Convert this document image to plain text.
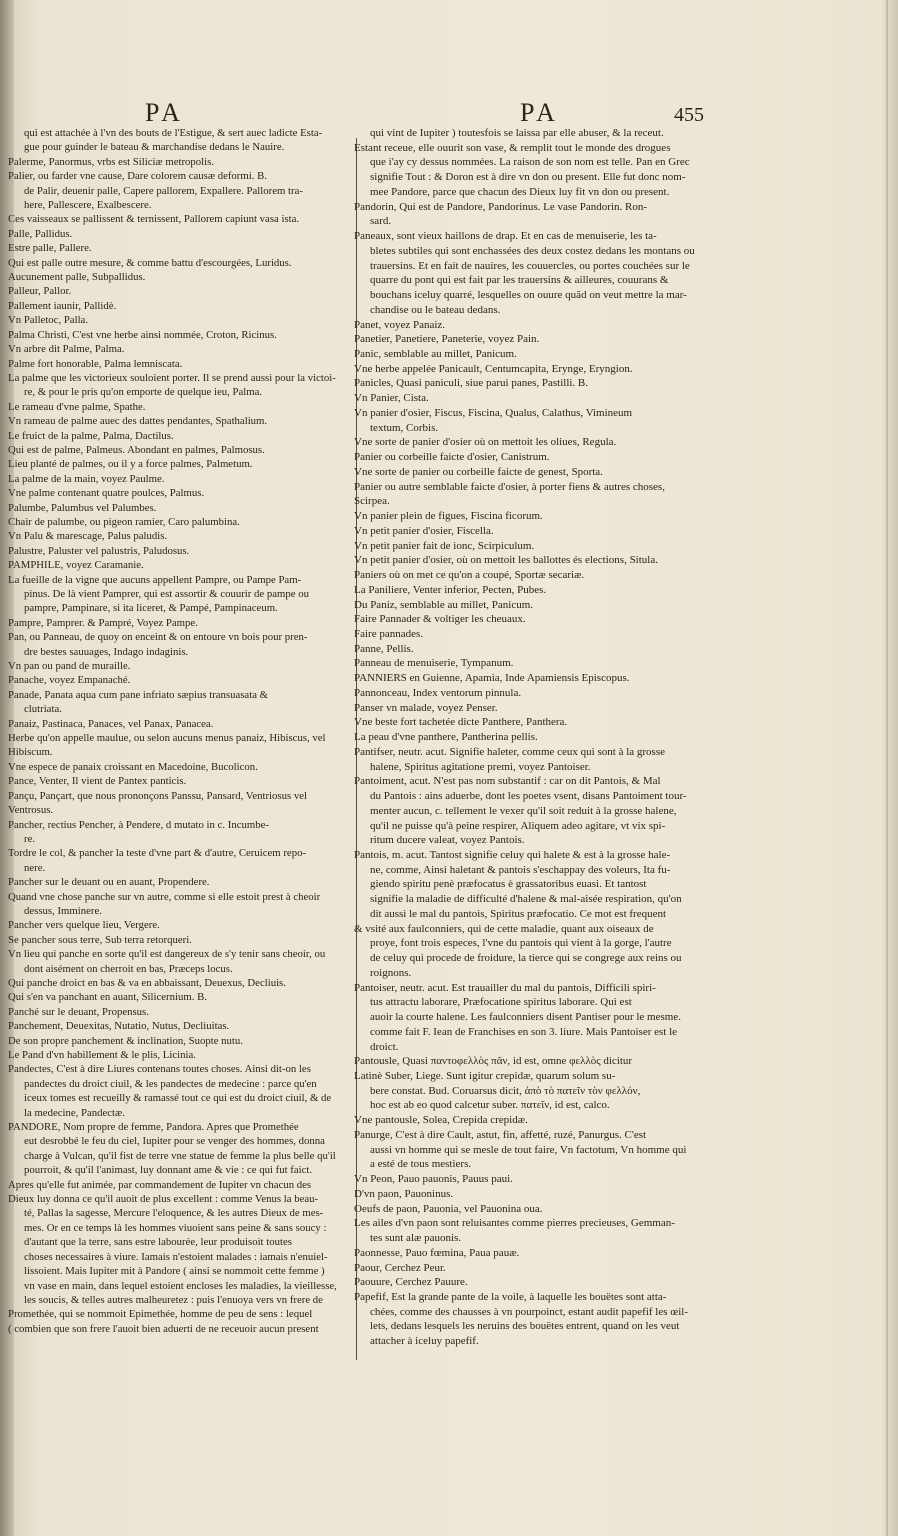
PA	PA	455
qui est attachée à l'vn des bouts de l'Estigue, & sert auec ladicte Esta-
gue pour guinder le bateau & marchandise dedans le Nauire.
Palerme, Panormus, vrbs est Siliciæ metropolis.
Palier, ou farder vne cause, Dare colorem causæ deformi. B.
de Palir, deuenir palle, Capere pallorem, Expallere. Pallorem tra-
here, Pallescere, Exalbescere.
Ces vaisseaux se pallissent & ternissent, Pallorem capiunt vasa ista.
Palle, Pallidus.
Estre palle, Pallere.
Qui est palle outre mesure, & comme battu d'escourgées, Luridus.
Aucunement palle, Subpallidus.
Palleur, Pallor.
Pallement iaunir, Pallidè.
Vn Palletoc, Palla.
Palma Christi, C'est vne herbe ainsi nommée, Croton, Ricinus.
Vn arbre dit Palme, Palma.
Palme fort honorable, Palma lemniscata.
La palme que les victorieux souloient porter. Il se prend aussi pour la victoi-
re, & pour le pris qu'on emporte de quelque ieu, Palma.
Le rameau d'vne palme, Spathe.
Vn rameau de palme auec des dattes pendantes, Spathalium.
Le fruict de la palme, Palma, Dactilus.
Qui est de palme, Palmeus. Abondant en palmes, Palmosus.
Lieu planté de palmes, ou il y a force palmes, Palmetum.
La palme de la main, voyez Paulme.
Vne palme contenant quatre poulces, Palmus.
Palumbe, Palumbus vel Palumbes.
Chair de palumbe, ou pigeon ramier, Caro palumbina.
Vn Palu & marescage, Palus paludis.
Palustre, Paluster vel palustris, Paludosus.
PAMPHILE, voyez Caramanie.
La fueille de la vigne que aucuns appellent Pampre, ou Pampe Pam-
pinus. De là vient Pamprer, qui est assortir & couurir de pampe ou
pampre, Pampinare, si ita liceret, & Pampé, Pampinaceum.
Pampre, Pamprer. & Pampré, Voyez Pampe.
Pan, ou Panneau, de quoy on enceint & on entoure vn bois pour pren-
dre bestes sauuages, Indago indaginis.
Vn pan ou pand de muraille.
Panache, voyez Empanaché.
Panade, Panata aqua cum pane infriato sæpius transuasata &
clutriata.
Panaiz, Pastinaca, Panaces, vel Panax, Panacea.
Herbe qu'on appelle maulue, ou selon aucuns menus panaiz, Hibiscus, vel
Hibiscum.
Vne espece de panaix croissant en Macedoine, Bucolicon.
Pance, Venter, Il vient de Pantex panticis.
Pançu, Pançart, que nous prononçons Panssu, Pansard, Ventriosus vel
Ventrosus.
Pancher, rectius Pencher, à Pendere, d mutato in c. Incumbe-
re.
Tordre le col, & pancher la teste d'vne part & d'autre, Ceruicem repo-
nere.
Pancher sur le deuant ou en auant, Propendere.
Quand vne chose panche sur vn autre, comme si elle estoit prest à cheoir
dessus, Imminere.
Pancher vers quelque lieu, Vergere.
Se pancher sous terre, Sub terra retorqueri.
Vn lieu qui panche en sorte qu'il est dangereux de s'y tenir sans cheoir, ou
dont aisément on cherroit en bas, Præceps locus.
Qui panche droict en bas & va en abbaissant, Deuexus, Decliuis.
Qui s'en va panchant en auant, Silicernium. B.
Panché sur le deuant, Propensus.
Panchement, Deuexitas, Nutatio, Nutus, Decliuitas.
De son propre panchement & inclination, Suopte nutu.
Le Pand d'vn habillement & le plis, Licinia.
Pandectes, C'est à dire Liures contenans toutes choses. Ainsi dit-on les
pandectes du droict ciuil, & les pandectes de medecine : parce qu'en
iceux tomes est recueilly & ramassé tout ce qui est du droict ciuil, & de
la medecine, Pandectæ.
PANDORE, Nom propre de femme, Pandora. Apres que Promethée
eut desrobbé le feu du ciel, Iupiter pour se venger des hommes, donna
charge à Vulcan, qu'il fist de terre vne statue de femme la plus belle qu'il
pourroit, & qu'il l'animast, luy donnant ame & vie : ce qui fut faict.
Apres qu'elle fut animée, par commandement de Iupiter vn chacun des
Dieux luy donna ce qu'il auoit de plus excellent : comme Venus la beau-
té, Pallas la sagesse, Mercure l'eloquence, & les autres Dieux de mes-
mes. Or en ce temps là les hommes viuoient sans peine & sans soucy :
d'autant que la terre, sans estre labourée, leur produisoit toutes
choses necessaires à viure. Iamais n'estoient malades : iamais n'enuiel-
lissoient. Mais Iupiter mit à Pandore ( ainsi se nommoit cette femme )
vn vase en main, dans lequel estoient encloses les maladies, la vieillesse,
les soucis, & telles autres malheuretez : puis l'enuoya vers vn frere de
Promethée, qui se nommoit Epimethée, homme de peu de sens : lequel
( combien que son frere l'auoit bien aduerti de ne receuoir aucun present
qui vint de Iupiter ) toutesfois se laissa par elle abuser, & la receut.
Estant receue, elle ouurit son vase, & remplit tout le monde des drogues
que i'ay cy dessus nommées. La raison de son nom est telle. Pan en Grec
signifie Tout : & Doron est à dire vn don ou present. Elle fut donc nom-
mee Pandore, parce que chacun des Dieux luy fit vn don ou present.
Pandorin, Qui est de Pandore, Pandorinus. Le vase Pandorin. Ron-
sard.
Paneaux, sont vieux haillons de drap. Et en cas de menuiserie, les ta-
bletes subtiles qui sont enchassées des deux costez dedans les montans ou
trauersins. Et en fait de nauires, les couuercles, ou portes couchées sur le
quarre du pont qui est fait par les trauersins & ailleures, couurans &
bouchans iceluy quarré, lesquelles on ouure quãd on veut mettre la mar-
chandise ou le bateau dedans.
Panet, voyez Panaiz.
Panetier, Panetiere, Paneterie, voyez Pain.
Panic, semblable au millet, Panicum.
Vne herbe appelée Panicault, Centumcapita, Eryngе, Eryngion.
Panicles, Quasi paniculi, siue parui panes, Pastilli. B.
Vn Panier, Cista.
Vn panier d'osier, Fiscus, Fiscina, Qualus, Calathus, Vimineum
textum, Corbis.
Vne sorte de panier d'osier où on mettoit les oliues, Regula.
Panier ou corbeille faicte d'osier, Canistrum.
Vne sorte de panier ou corbeille faicte de genest, Sporta.
Panier ou autre semblable faicte d'osier, à porter fiens & autres choses,
Scirpea.
Vn panier plein de figues, Fiscina ficorum.
Vn petit panier d'osier, Fiscella.
Vn petit panier fait de ionc, Scirpiculum.
Vn petit panier d'osier, où on mettoit les ballottes és elections, Situla.
Paniers où on met ce qu'on a coupé, Sportæ secariæ.
La Paniliere, Venter inferior, Pecten, Pubes.
Du Paniz, semblable au millet, Panicum.
Faire Pannader & voltiger les cheuaux.
Faire pannades.
Panne, Pellis.
Panneau de menuiserie, Tympanum.
PANNIERS en Guienne, Apamia, Inde Apamiensis Episcopus.
Pannonceau, Index ventorum pinnula.
Panser vn malade, voyez Penser.
Vne beste fort tachetée dicte Panthere, Panthera.
La peau d'vne panthere, Pantherina pellis.
Pantifser, neutr. acut. Signifie haleter, comme ceux qui sont à la grosse
halene, Spiritus agitatione premi, voyez Pantoiser.
Pantoiment, acut. N'est pas nom substantif : car on dit Pantois, & Mal
du Pantois : ains aduerbe, dont les poetes vsent, disans Pantoiment tour-
menter aucun, c. tellement le vexer qu'il soit reduit à la grosse halene,
qu'il ne puisse qu'à peine respirer, Aliquem adeo agitare, vt vix spi-
ritum ducere valeat, voyez Pantois.
Pantois, m. acut. Tantost signifie celuy qui halete & est à la grosse hale-
ne, comme, Ainsi haletant & pantois s'eschappay des voleurs, Ita fu-
giendo spiritu penè præfocatus è grassatoribus euasi. Et tantost
signifie la maladie de difficulté d'halene & mal-aisée respiration, qu'on
dit aussi le mal du pantois, Spiritus præfocatio. Ce mot est frequent
& vsité aux faulconniers, qui de cette maladie, quant aux oiseaux de
proye, font trois especes, l'vne du pantois qui vient à la gorge, l'autre
de celuy qui procede de froidure, la tierce qui se congrege aux reins ou
roignons.
Pantoiser, neutr. acut. Est trauailler du mal du pantois, Difficili spiri-
tus attractu laborare, Præfocatione spiritus laborare. Qui est
auoir la courte halene. Les faulconniers disent Pantiser pour le mesme.
comme fait F. Iean de Franchises en son 3. liure. Mais Pantoiser est le
droict.
Pantousle, Quasi παντοφελλὸς πᾶν, id est, omne φελλὸς dicitur
Latinè Suber, Liege. Sunt igitur crepidæ, quarum solum su-
bere constat. Bud. Coruarsus dicit, ἀπὸ τὸ πατεῖν τὸν φελλόν,
hoc est ab eo quod calcetur suber. πατεῖν, id est, calco.
Vne pantousle, Solea, Crepida crepidæ.
Panurge, C'est à dire Cault, astut, fin, affetté, ruzé, Panurgus. C'est
aussi vn homme qui se mesle de tout faire, Vn factotum, Vn homme qui
a esté de tous mestiers.
Vn Peon, Pauo pauonis, Pauus paui.
D'vn paon, Pauoninus.
Oeufs de paon, Pauonia, vel Pauonina oua.
Les ailes d'vn paon sont reluisantes comme pierres precieuses, Gemman-
tes sunt alæ pauonis.
Paonnesse, Pauo fœmina, Paua pauæ.
Paour, Cerchez Peur.
Paouure, Cerchez Pauure.
Papefif, Est la grande pante de la voile, à laquelle les bouëtes sont atta-
chées, comme des chausses à vn pourpoinct, estant audit papefif les œil-
lets, dedans lesquels les neruins des bouëtes entrent, quand on les veut
attacher à iceluy papefif.
